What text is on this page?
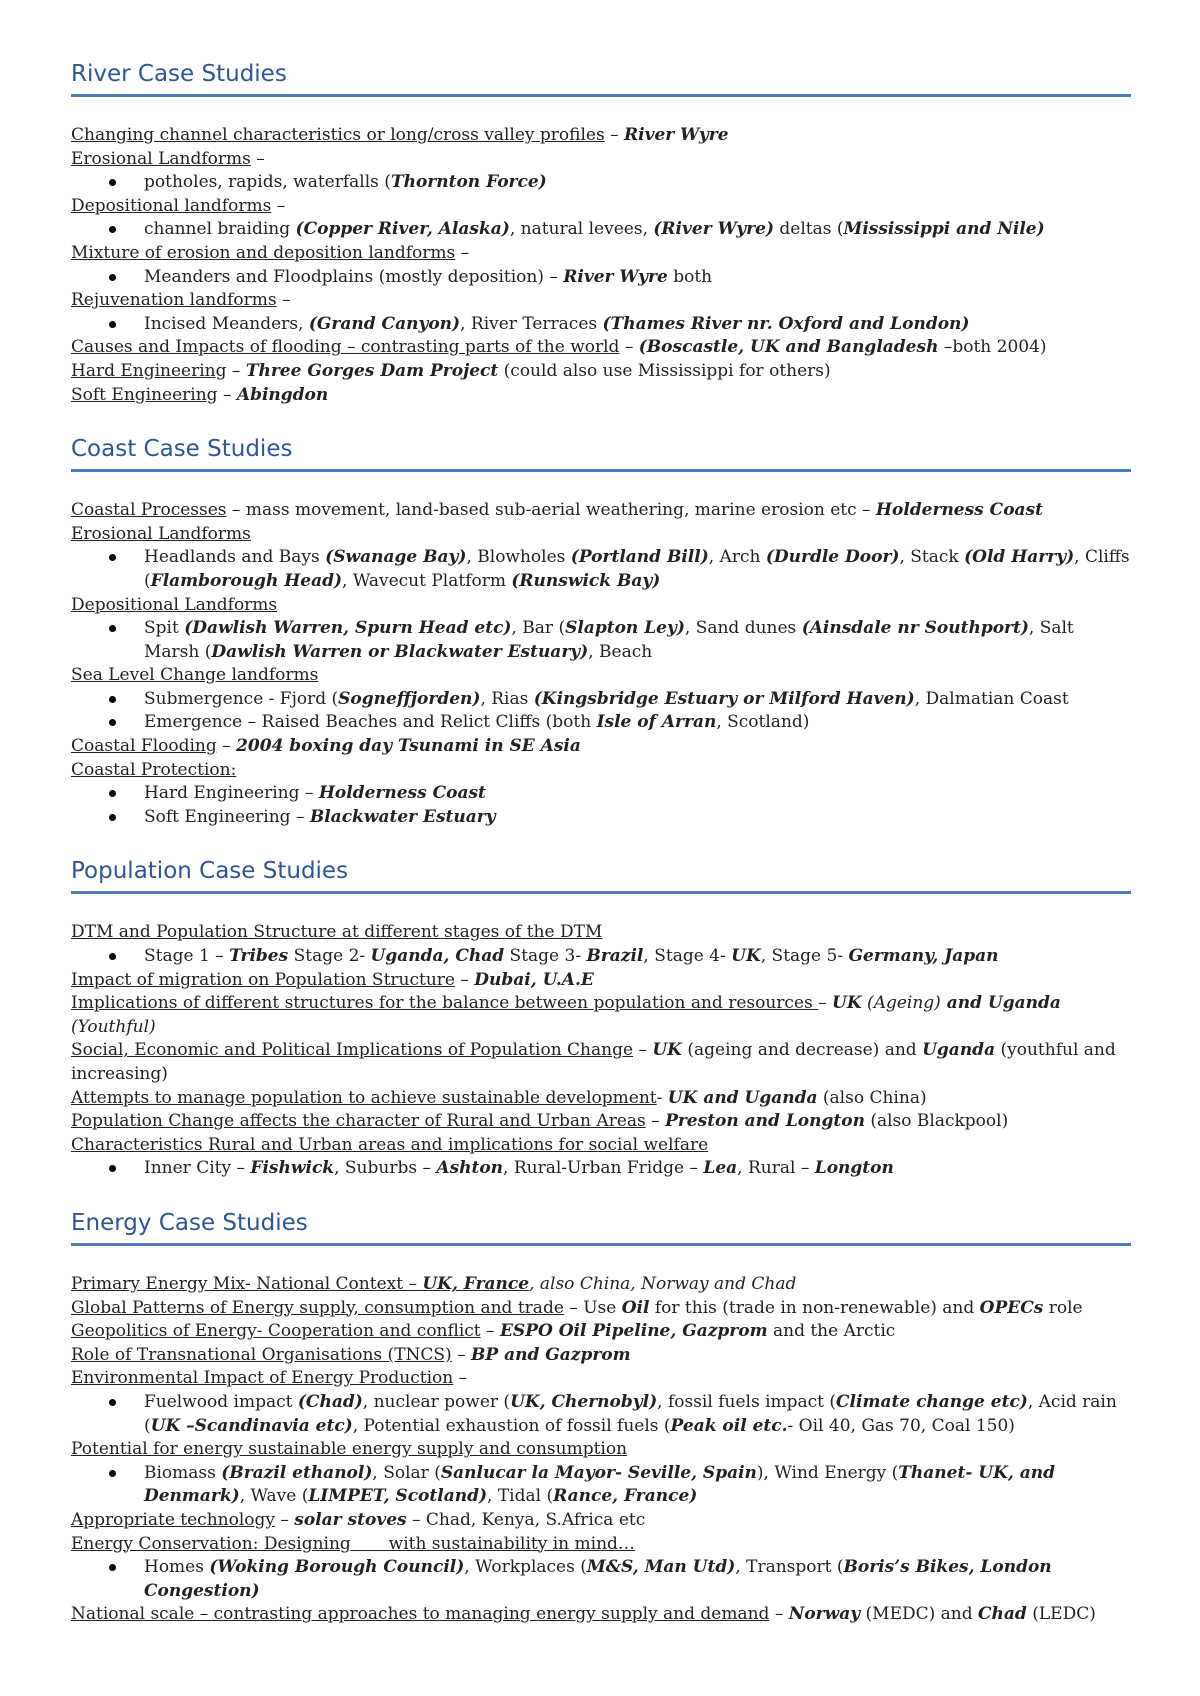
River Case Studies
Changing channel characteristics or long/cross valley profiles – River Wyre
Erosional Landforms –
potholes, rapids, waterfalls (Thornton Force)
Depositional landforms –
channel braiding (Copper River, Alaska), natural levees, (River Wyre) deltas (Mississippi and Nile)
Mixture of erosion and deposition landforms –
Meanders and Floodplains (mostly deposition) – River Wyre both
Rejuvenation landforms –
Incised Meanders, (Grand Canyon), River Terraces (Thames River nr. Oxford and London)
Causes and Impacts of flooding – contrasting parts of the world – (Boscastle, UK and Bangladesh –both 2004)
Hard Engineering – Three Gorges Dam Project (could also use Mississippi for others)
Soft Engineering – Abingdon
Coast Case Studies
Coastal Processes – mass movement, land-based sub-aerial weathering, marine erosion etc – Holderness Coast
Erosional Landforms
Headlands and Bays (Swanage Bay), Blowholes (Portland Bill), Arch (Durdle Door), Stack (Old Harry), Cliffs (Flamborough Head), Wavecut Platform (Runswick Bay)
Depositional Landforms
Spit (Dawlish Warren, Spurn Head etc), Bar (Slapton Ley), Sand dunes (Ainsdale nr Southport), Salt Marsh (Dawlish Warren or Blackwater Estuary), Beach
Sea Level Change landforms
Submergence - Fjord (Sogneffjorden), Rias (Kingsbridge Estuary or Milford Haven), Dalmatian Coast
Emergence – Raised Beaches and Relict Cliffs (both Isle of Arran, Scotland)
Coastal Flooding – 2004 boxing day Tsunami in SE Asia
Coastal Protection:
Hard Engineering – Holderness Coast
Soft Engineering – Blackwater Estuary
Population Case Studies
DTM and Population Structure at different stages of the DTM
Stage 1 – Tribes Stage 2- Uganda, Chad Stage 3- Brazil, Stage 4- UK, Stage 5- Germany, Japan
Impact of migration on Population Structure – Dubai, U.A.E
Implications of different structures for the balance between population and resources – UK (Ageing) and Uganda (Youthful)
Social, Economic and Political Implications of Population Change – UK (ageing and decrease) and Uganda (youthful and increasing)
Attempts to manage population to achieve sustainable development- UK and Uganda (also China)
Population Change affects the character of Rural and Urban Areas – Preston and Longton (also Blackpool)
Characteristics Rural and Urban areas and implications for social welfare
Inner City – Fishwick, Suburbs – Ashton, Rural-Urban Fridge – Lea, Rural – Longton
Energy Case Studies
Primary Energy Mix- National Context – UK, France, also China, Norway and Chad
Global Patterns of Energy supply, consumption and trade – Use Oil for this (trade in non-renewable) and OPECs role
Geopolitics of Energy- Cooperation and conflict – ESPO Oil Pipeline, Gazprom and the Arctic
Role of Transnational Organisations (TNCS) – BP and Gazprom
Environmental Impact of Energy Production –
Fuelwood impact (Chad), nuclear power (UK, Chernobyl), fossil fuels impact (Climate change etc), Acid rain (UK –Scandinavia etc), Potential exhaustion of fossil fuels (Peak oil etc.- Oil 40, Gas 70, Coal 150)
Potential for energy sustainable energy supply and consumption
Biomass (Brazil ethanol), Solar (Sanlucar la Mayor- Seville, Spain), Wind Energy (Thanet- UK, and Denmark), Wave (LIMPET, Scotland), Tidal (Rance, France)
Appropriate technology – solar stoves – Chad, Kenya, S.Africa etc
Energy Conservation: Designing       with sustainability in mind…
Homes (Woking Borough Council), Workplaces (M&S, Man Utd), Transport (Boris’s Bikes, London Congestion)
National scale – contrasting approaches to managing energy supply and demand – Norway (MEDC) and Chad (LEDC)
